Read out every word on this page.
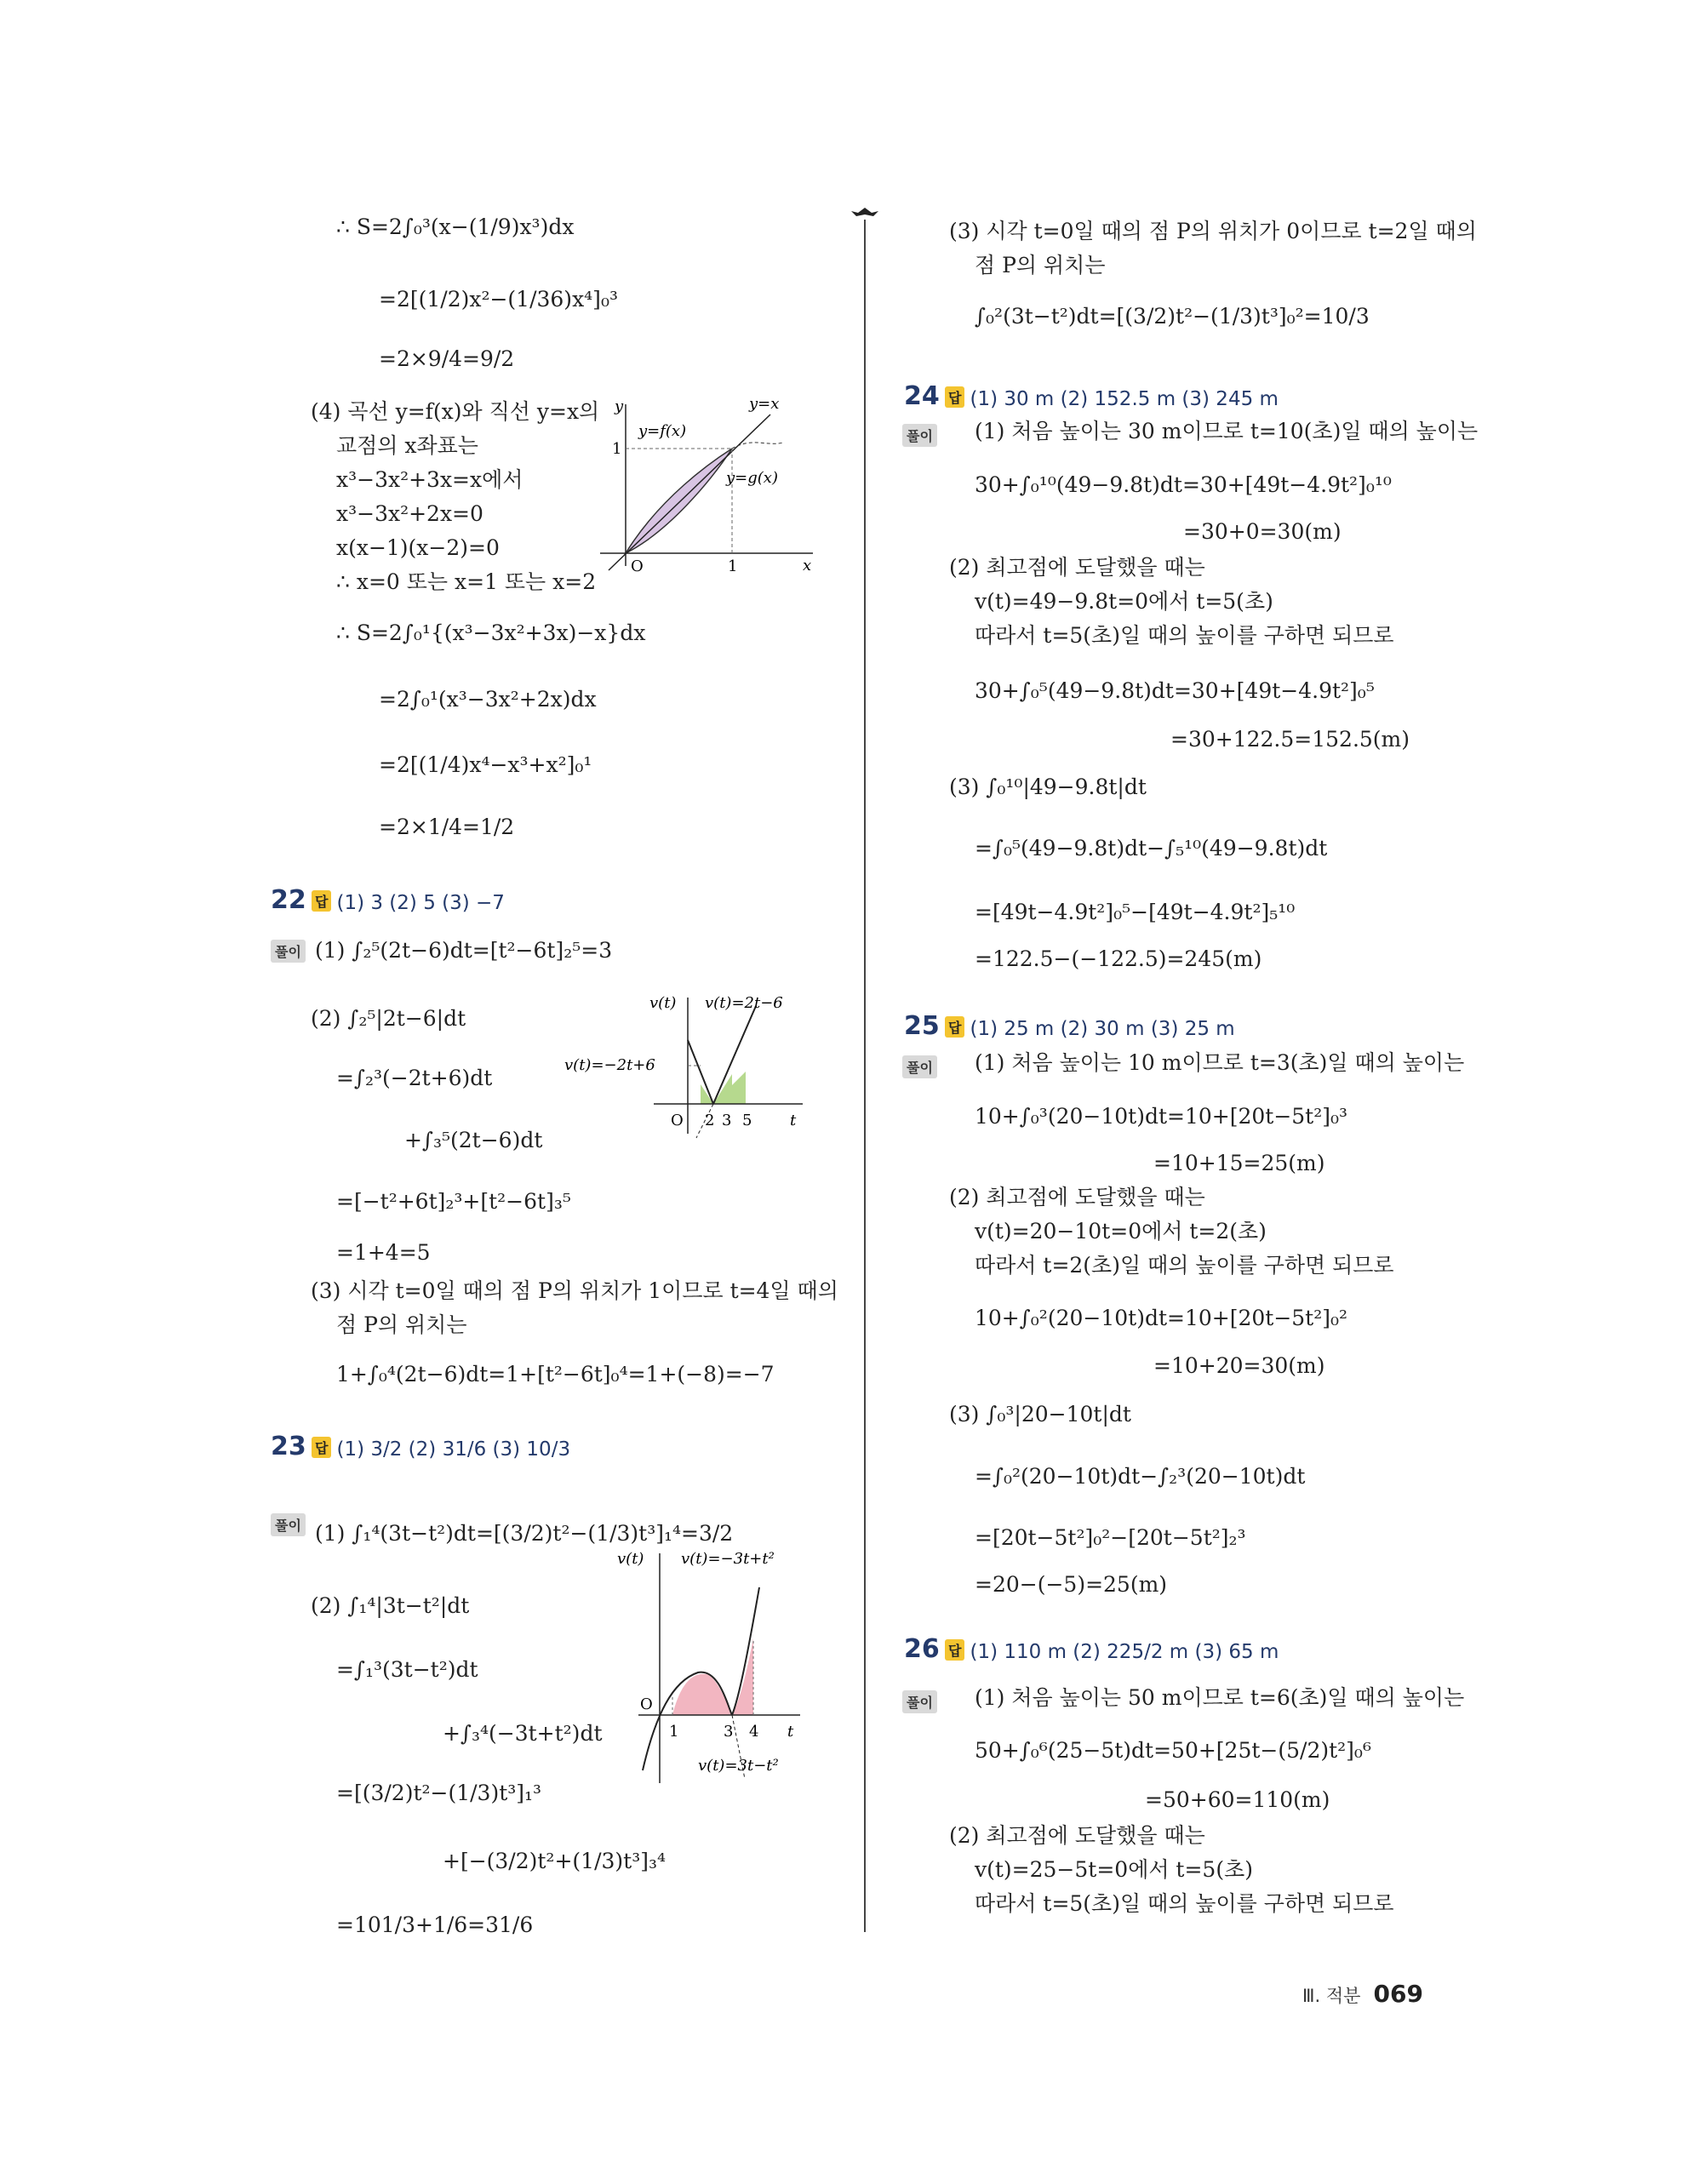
∴ S=2∫₀³(x−(1/9)x³)dx
=2[(1/2)x²−(1/36)x⁴]₀³
=2×9/4=9/2
(4) 곡선 y=f(x)와 직선 y=x의
교점의 x좌표는
x³−3x²+3x=x에서
x³−3x²+2x=0
x(x−1)(x−2)=0
∴ x=0 또는 x=1 또는 x=2
∴ S=2∫₀¹{(x³−3x²+3x)−x}dx
=2∫₀¹(x³−3x²+2x)dx
=2[(1/4)x⁴−x³+x²]₀¹
=2×1/4=1/2
(1) ∫₂⁵(2t−6)dt=[t²−6t]₂⁵=3
(2) ∫₂⁵|2t−6|dt
=∫₂³(−2t+6)dt
+∫₃⁵(2t−6)dt
=[−t²+6t]₂³+[t²−6t]₃⁵
=1+4=5
(3) 시각 t=0일 때의 점 P의 위치가 1이므로 t=4일 때의
점 P의 위치는
1+∫₀⁴(2t−6)dt=1+[t²−6t]₀⁴=1+(−8)=−7
(1) ∫₁⁴(3t−t²)dt=[(3/2)t²−(1/3)t³]₁⁴=3/2
(2) ∫₁⁴|3t−t²|dt
=∫₁³(3t−t²)dt
+∫₃⁴(−3t+t²)dt
=[(3/2)t²−(1/3)t³]₁³
+[−(3/2)t²+(1/3)t³]₃⁴
=101/3+1/6=31/6
(3) 시각 t=0일 때의 점 P의 위치가 0이므로 t=2일 때의
점 P의 위치는
∫₀²(3t−t²)dt=[(3/2)t²−(1/3)t³]₀²=10/3
(1) 처음 높이는 30 m이므로 t=10(초)일 때의 높이는
30+∫₀¹⁰(49−9.8t)dt=30+[49t−4.9t²]₀¹⁰
=30+0=30(m)
(2) 최고점에 도달했을 때는
v(t)=49−9.8t=0에서 t=5(초)
따라서 t=5(초)일 때의 높이를 구하면 되므로
30+∫₀⁵(49−9.8t)dt=30+[49t−4.9t²]₀⁵
=30+122.5=152.5(m)
(3) ∫₀¹⁰|49−9.8t|dt
=∫₀⁵(49−9.8t)dt−∫₅¹⁰(49−9.8t)dt
=[49t−4.9t²]₀⁵−[49t−4.9t²]₅¹⁰
=122.5−(−122.5)=245(m)
(1) 처음 높이는 10 m이므로 t=3(초)일 때의 높이는
10+∫₀³(20−10t)dt=10+[20t−5t²]₀³
=10+15=25(m)
(2) 최고점에 도달했을 때는
v(t)=20−10t=0에서 t=2(초)
따라서 t=2(초)일 때의 높이를 구하면 되므로
10+∫₀²(20−10t)dt=10+[20t−5t²]₀²
=10+20=30(m)
(3) ∫₀³|20−10t|dt
=∫₀²(20−10t)dt−∫₂³(20−10t)dt
=[20t−5t²]₀²−[20t−5t²]₂³
=20−(−5)=25(m)
(1) 처음 높이는 50 m이므로 t=6(초)일 때의 높이는
50+∫₀⁶(25−5t)dt=50+[25t−(5/2)t²]₀⁶
=50+60=110(m)
(2) 최고점에 도달했을 때는
v(t)=25−5t=0에서 t=5(초)
따라서 t=5(초)일 때의 높이를 구하면 되므로
22 답 (1) 3 (2) 5 (3) −7
23 답 (1) 3/2 (2) 31/6 (3) 10/3
24 답 (1) 30 m (2) 152.5 m (3) 245 m
25 답 (1) 25 m (2) 30 m (3) 25 m
26 답 (1) 110 m (2) 225/2 m (3) 65 m
풀이
풀이
풀이
풀이
풀이
y
x
O	1
1
y=f(x)
y=g(x)
y=x
v(t)
t
O
v(t)=2t−6
v(t)=−2t+6
2 3 5
v(t)
t
O
v(t)=−3t+t²
v(t)=3t−t²
1	3 4
Ⅲ. 적분 069
